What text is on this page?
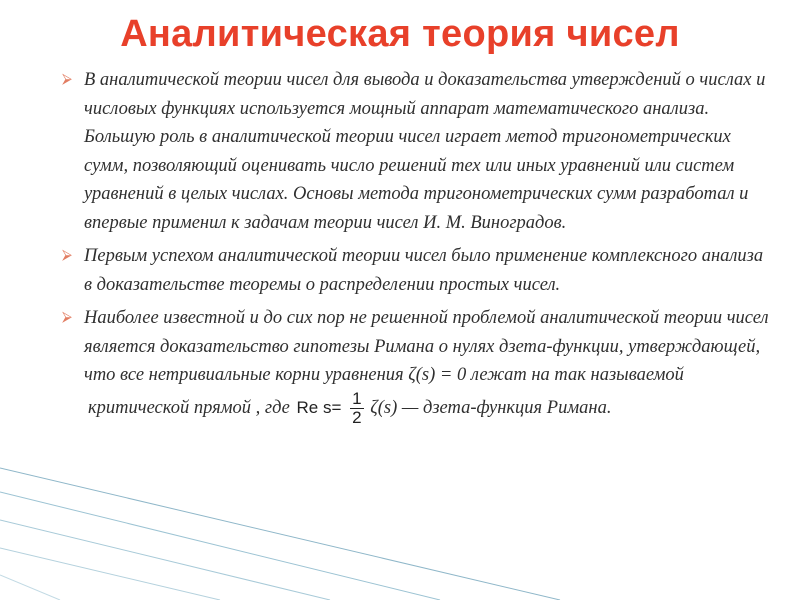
Аналитическая теория чисел
⮚ В аналитической теории чисел для вывода и доказательства утверждений о числах и числовых функциях используется мощный аппарат математического анализа. Большую роль в аналитической теории чисел играет метод тригонометрических сумм, позволяющий оценивать число решений тех или иных уравнений или систем уравнений в целых числах. Основы метода тригонометрических сумм разработал и впервые применил к задачам теории чисел И. М. Виноградов.
⮚ Первым успехом аналитической теории чисел было применение комплексного анализа в доказательстве теоремы о распределении простых чисел.
⮚ Наиболее известной и до сих пор не решенной проблемой аналитической теории чисел является доказательство гипотезы Римана о нулях дзета-функции, утверждающей, что все нетривиальные корни уравнения ζ(s) = 0 лежат на так называемой
критической прямой , где Re $s= \frac{1}{2} \zeta(s)$ — дзета-функция Римана.
